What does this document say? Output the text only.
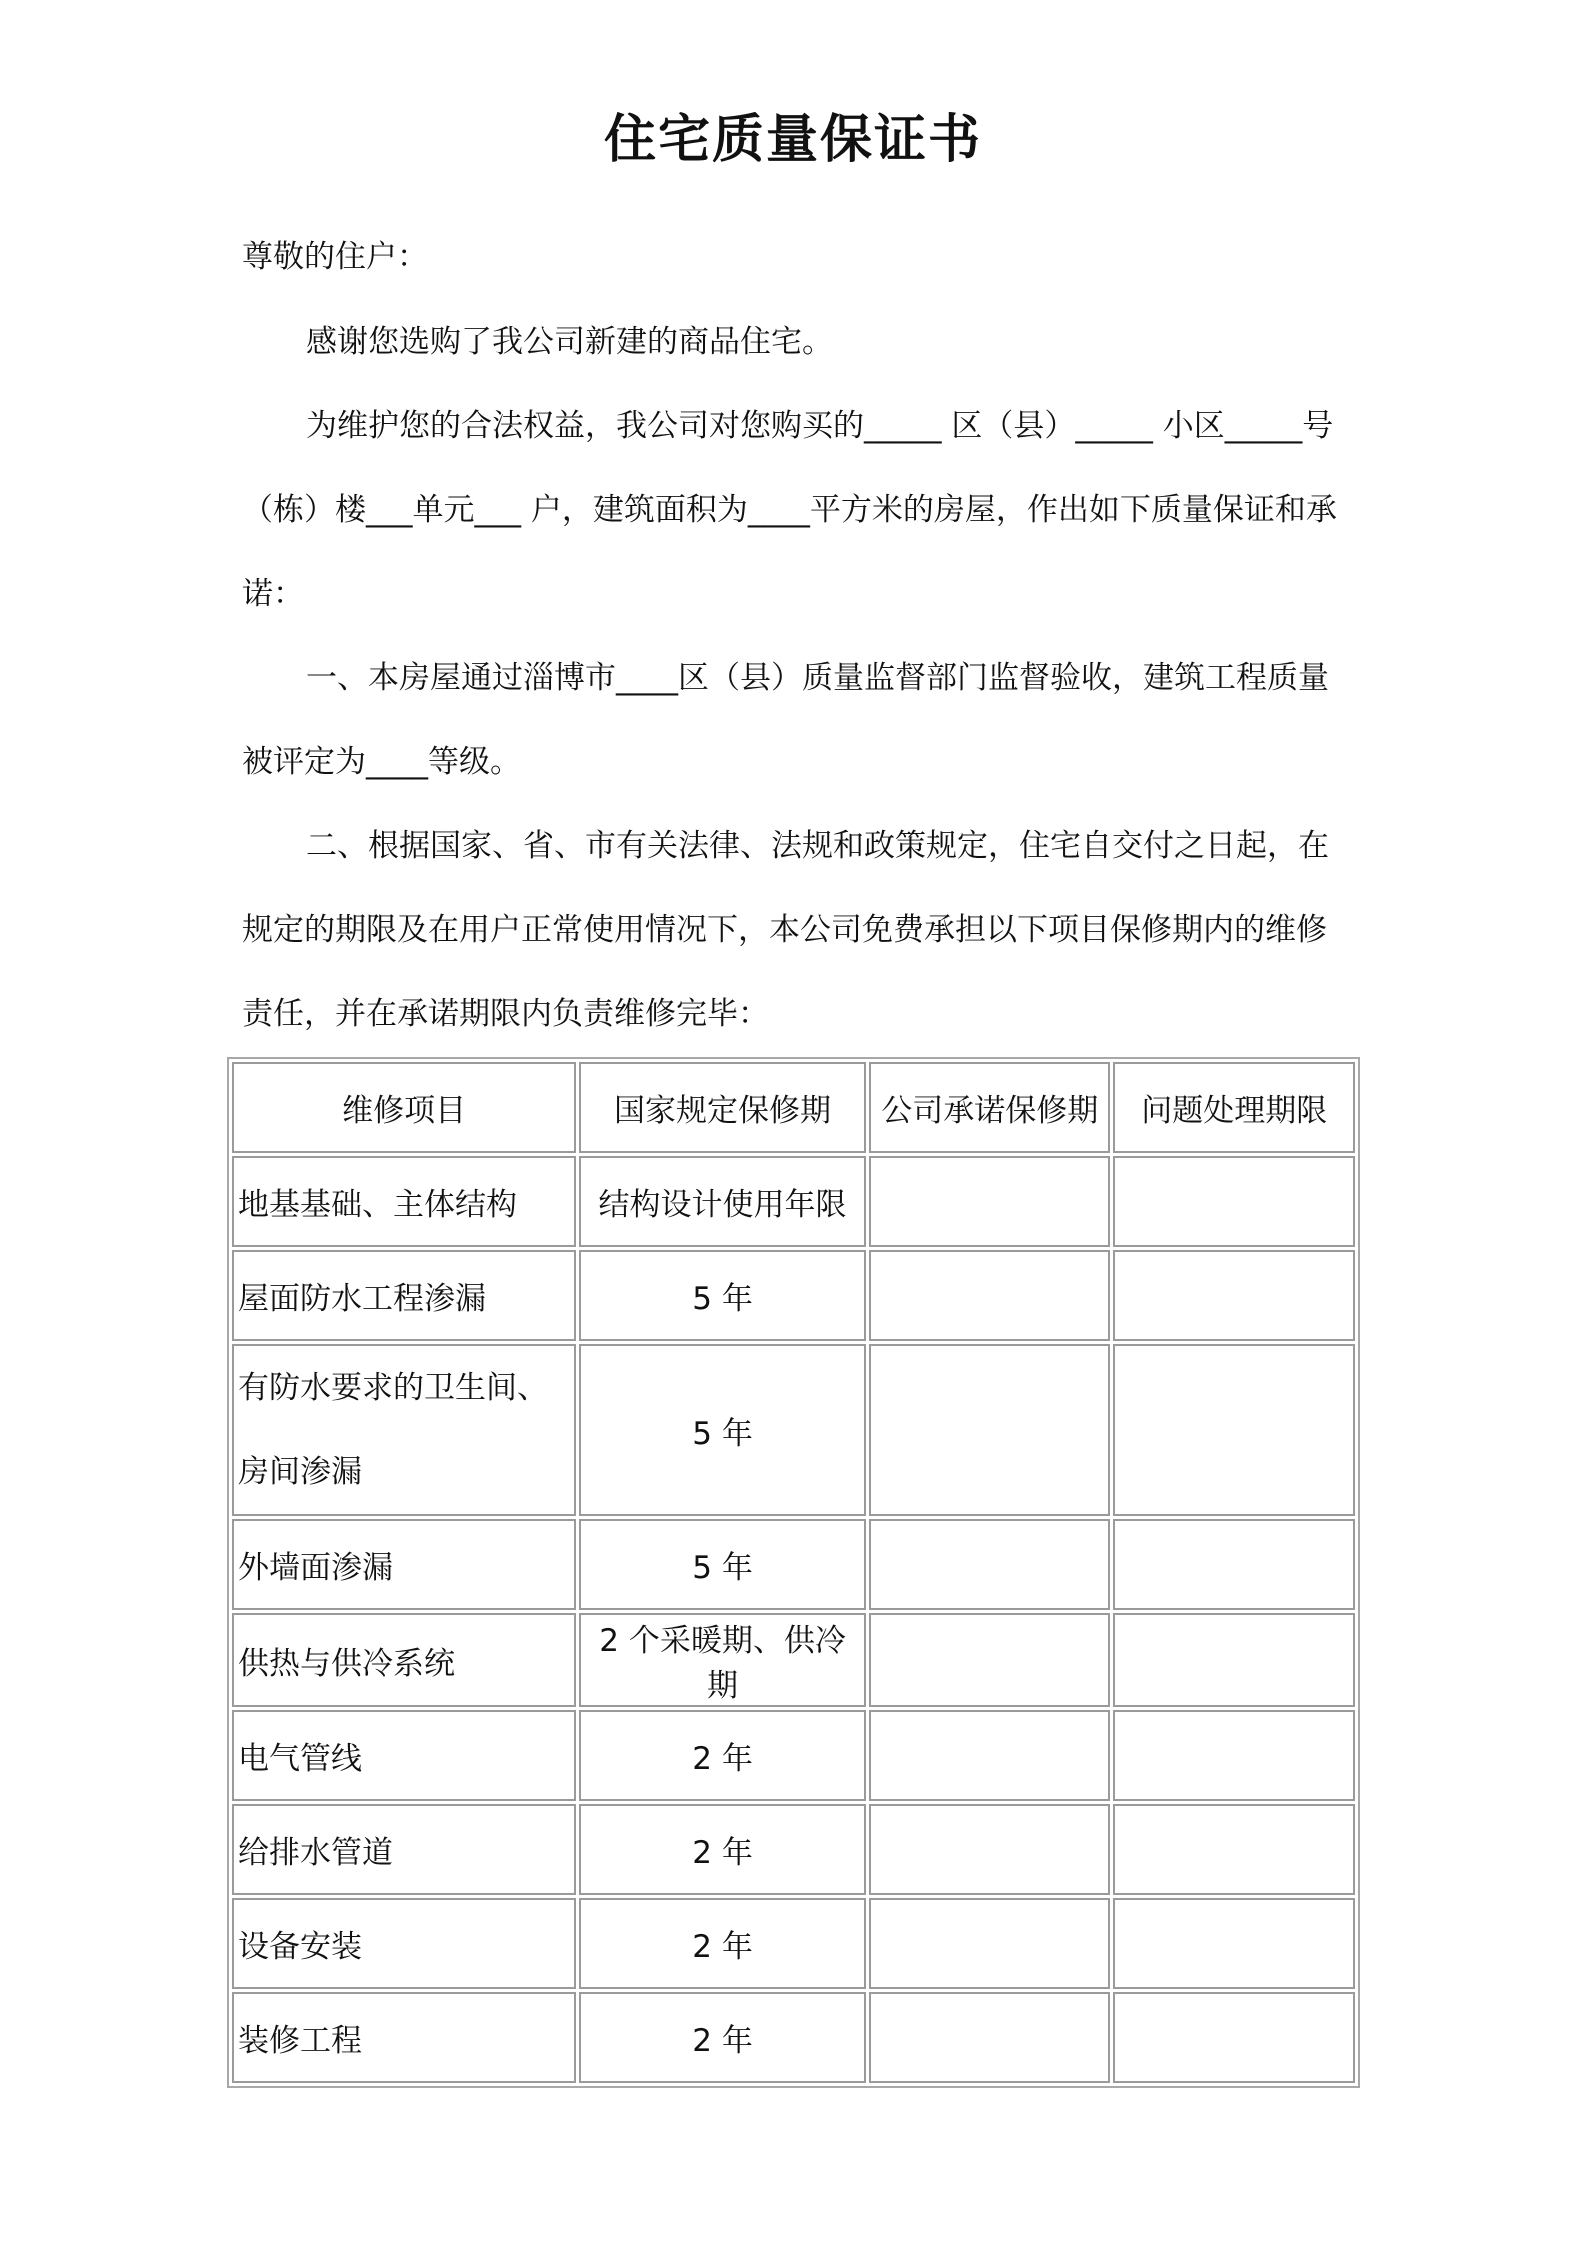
住宅质量保证书
尊敬的住户：
感谢您选购了我公司新建的商品住宅。
为维护您的合法权益，我公司对您购买的_____ 区（县）_____ 小区_____号（栋）楼___单元___ 户，建筑面积为____平方米的房屋，作出如下质量保证和承诺：
一、本房屋通过淄博市____区（县）质量监督部门监督验收，建筑工程质量被评定为____等级。
二、根据国家、省、市有关法律、法规和政策规定，住宅自交付之日起，在规定的期限及在用户正常使用情况下，本公司免费承担以下项目保修期内的维修责任，并在承诺期限内负责维修完毕：
维修项目	国家规定保修期	公司承诺保修期	问题处理期限
地基基础、主体结构	结构设计使用年限		
屋面防水工程渗漏	5 年		
有防水要求的卫生间、房间渗漏	5 年		
外墙面渗漏	5 年		
供热与供冷系统	2 个采暖期、供冷期		
电气管线	2 年		
给排水管道	2 年		
设备安装	2 年		
装修工程	2 年		
